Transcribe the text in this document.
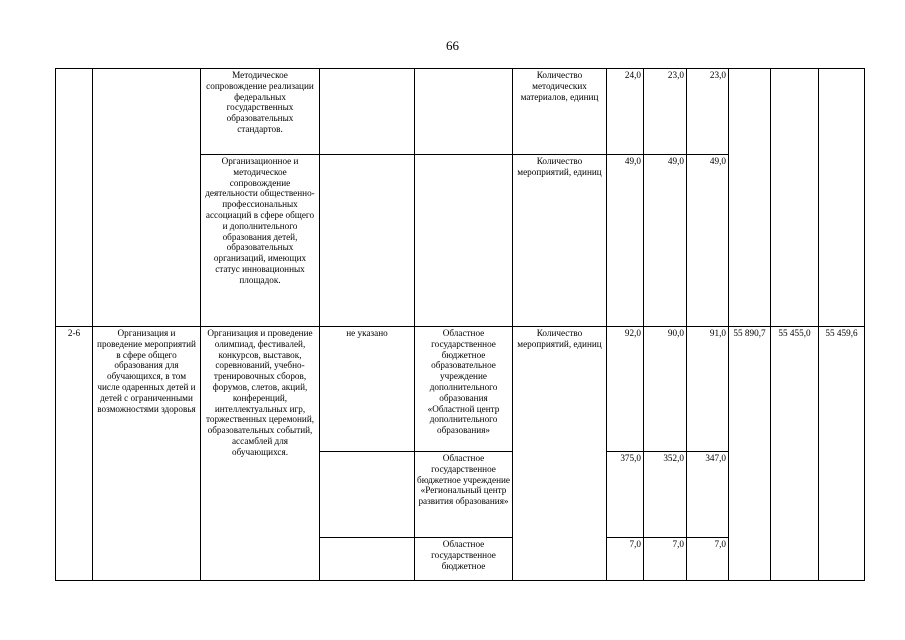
66
		Методическое сопровождение реализации федеральных государственных образовательных стандартов.			Количество методических материалов, единиц	24,0	23,0	23,0			
		Организационное и методическое сопровождение деятельности общественно-профессиональных ассоциаций в сфере общего и дополнительного образования детей, образовательных организаций, имеющих статус инновационных площадок.			Количество мероприятий, единиц	49,0	49,0	49,0			
2-6	Организация и проведение мероприятий в сфере общего образования для обучающихся, в том числе одаренных детей и детей с ограниченными возможностями здоровья	Организация и проведение олимпиад, фестивалей, конкурсов, выставок, соревнований, учебно-тренировочных сборов, форумов, слетов, акций, конференций, интеллектуальных игр, торжественных церемоний, образовательных событий, ассамблей для обучающихся.	не указано	Областное государственное бюджетное образовательное учреждение дополнительного образования «Областной центр дополнительного образования»	Количество мероприятий, единиц	92,0	90,0	91,0	55 890,7	55 455,0	55 459,6
				Областное государственное бюджетное учреждение «Региональный центр развития образования»		375,0	352,0	347,0			
				Областное государственное бюджетное		7,0	7,0	7,0			
